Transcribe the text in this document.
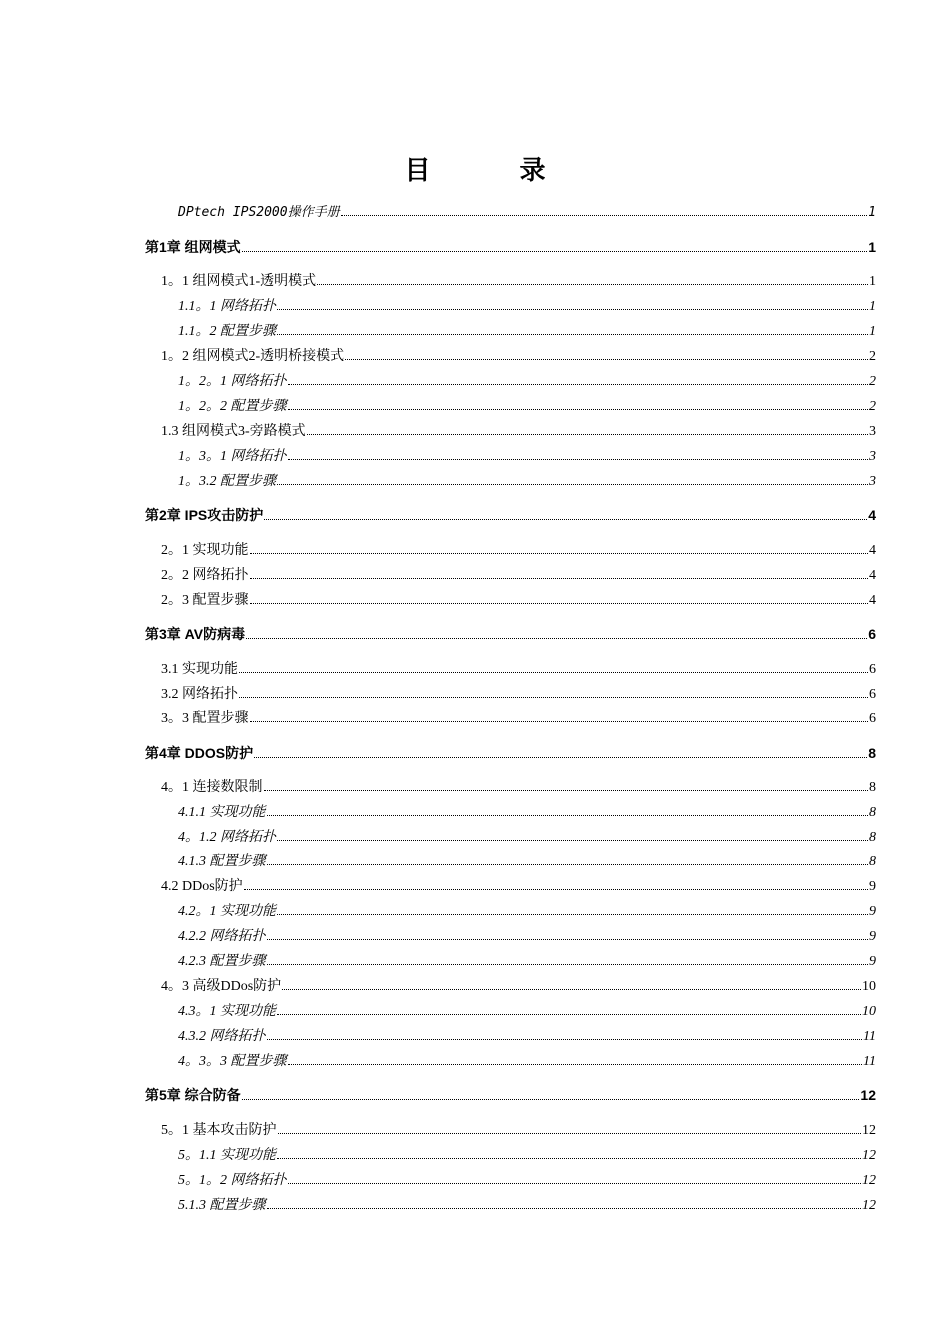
目 录
DPtech IPS2000操作手册	1
第1章 组网模式	1
1。1 组网模式1-透明模式	1
1.1。1 网络拓扑	1
1.1。2 配置步骤	1
1。2 组网模式2-透明桥接模式	2
1。2。1 网络拓扑	2
1。2。2 配置步骤	2
1.3 组网模式3-旁路模式	3
1。3。1 网络拓扑	3
1。3.2 配置步骤	3
第2章 IPS攻击防护	4
2。1 实现功能	4
2。2 网络拓扑	4
2。3 配置步骤	4
第3章 AV防病毒	6
3.1 实现功能	6
3.2 网络拓扑	6
3。3 配置步骤	6
第4章 DDOS防护	8
4。1 连接数限制	8
4.1.1 实现功能	8
4。1.2 网络拓扑	8
4.1.3 配置步骤	8
4.2 DDos防护	9
4.2。1 实现功能	9
4.2.2 网络拓扑	9
4.2.3 配置步骤	9
4。3 高级DDos防护	10
4.3。1 实现功能	10
4.3.2 网络拓扑	11
4。3。3 配置步骤	11
第5章 综合防备	12
5。1 基本攻击防护	12
5。1.1 实现功能	12
5。1。2 网络拓扑	12
5.1.3 配置步骤	12
